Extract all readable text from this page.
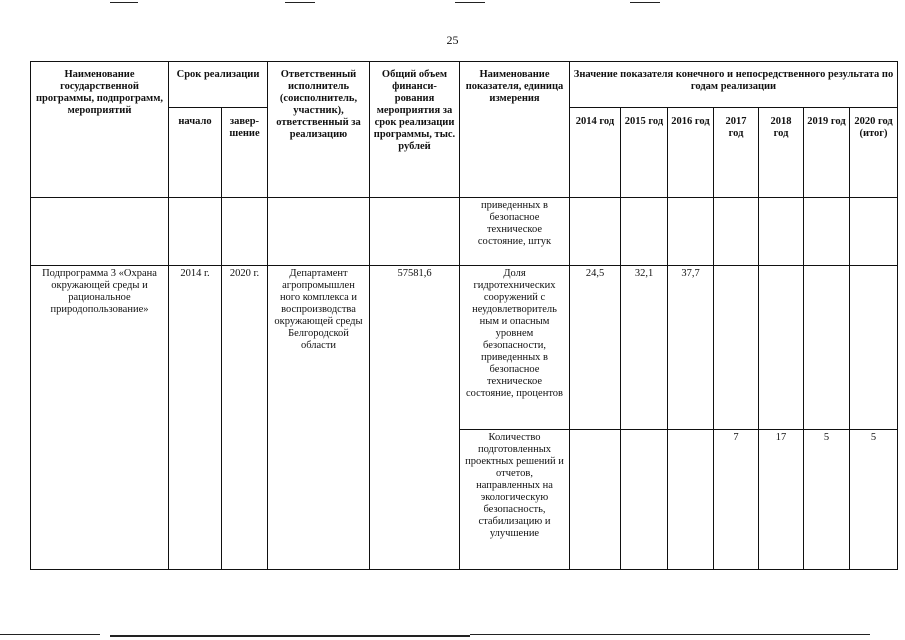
25
Наименование государственной программы, подпрограмм, мероприятий	Срок реализации		Ответственный исполнитель (соисполнитель, участник), ответственный за реализацию	Общий объем финанси-рования мероприятия за срок реализации программы, тыс. рублей	Наименование показателя, единица измерения	Значение показателя конечного и непосредственного результата по годам реализации						
	начало	завер-шение				2014 год	2015 год	2016 год	2017 год	2018 год	2019 год	2020 год (итог)
					приведенных в безопасное техническое состояние, штук							
Подпрограмма 3 «Охрана окружающей среды и рациональное природопользование»	2014 г.	2020 г.	Департамент агропромышлен ного комплекса и воспроизводства окружающей среды Белгородской области	57581,6	Доля гидротехнических сооружений с неудовлетворитель ным и опасным уровнем безопасности, приведенных в безопасное техническое состояние, процентов	24,5	32,1	37,7				
					Количество подготовленных проектных решений и отчетов, направленных на экологическую безопасность, стабилизацию и улучшение				7	17	5	5
